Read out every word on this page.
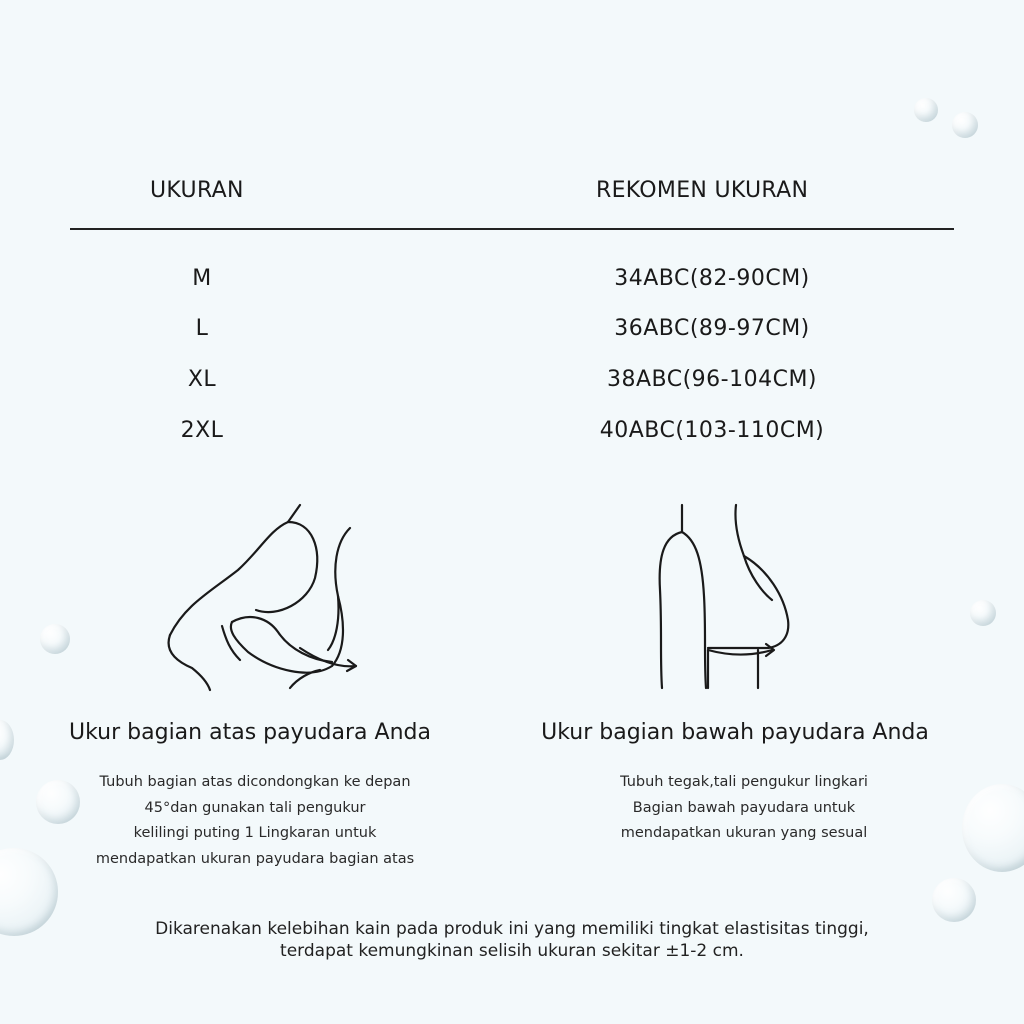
UKURAN	REKOMEN UKURAN
M	34ABC(82-90CM)
L	36ABC(89-97CM)
XL	38ABC(96-104CM)
2XL	40ABC(103-110CM)
Ukur bagian atas payudara Anda
Tubuh bagian atas dicondongkan ke depan
45°dan gunakan tali pengukur
kelilingi puting 1 Lingkaran untuk
mendapatkan ukuran payudara bagian atas
Ukur bagian bawah payudara Anda
Tubuh tegak,tali pengukur lingkari
Bagian bawah payudara untuk
mendapatkan ukuran yang sesual
Dikarenakan kelebihan kain pada produk ini yang memiliki tingkat elastisitas tinggi,
terdapat kemungkinan selisih ukuran sekitar ±1-2 cm.
